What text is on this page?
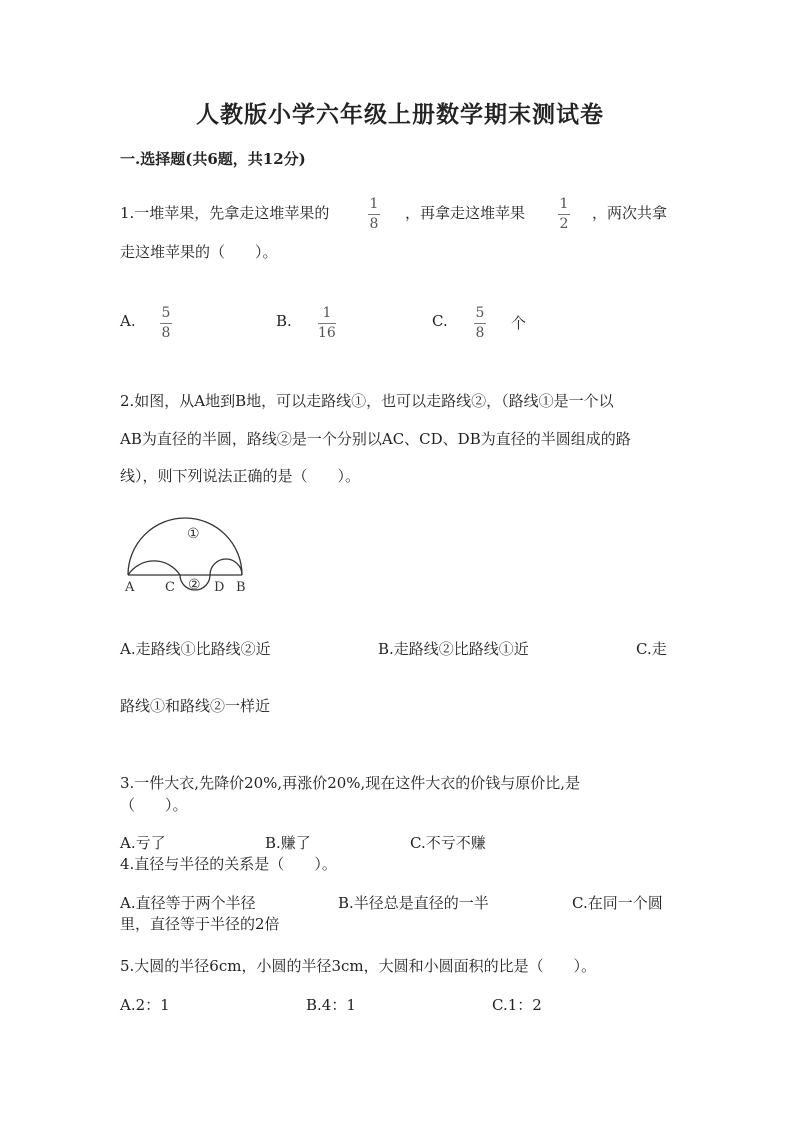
人教版小学六年级上册数学期末测试卷
一.选择题(共6题，共12分)
1.一堆苹果，先拿走这堆苹果的	1
8
，再拿走这堆苹果 1
2
，两次共拿
走这堆苹果的（　　）。
A. 5
8
B. 1
16
C. 5
8
个
2.如图，从A地到B地，可以走路线①，也可以走路线②，（路线①是一个以
AB为直径的半圆，路线②是一个分别以AC、CD、DB为直径的半圆组成的路
线），则下列说法正确的是（　　）。
①
②
A C	D B
A.走路线①比路线②近	B.走路线②比路线①近	C.走
路线①和路线②一样近
3.一件大衣,先降价20%,再涨价20%,现在这件大衣的价钱与原价比,是
（　　）。
A.亏了	B.赚了	C.不亏不赚
4.直径与半径的关系是（　　）。
A.直径等于两个半径	B.半径总是直径的一半	C.在同一个圆
里，直径等于半径的2倍
5.大圆的半径6cm，小圆的半径3cm，大圆和小圆面积的比是（　　）。
A.2：1	B.4：1	C.1：2
